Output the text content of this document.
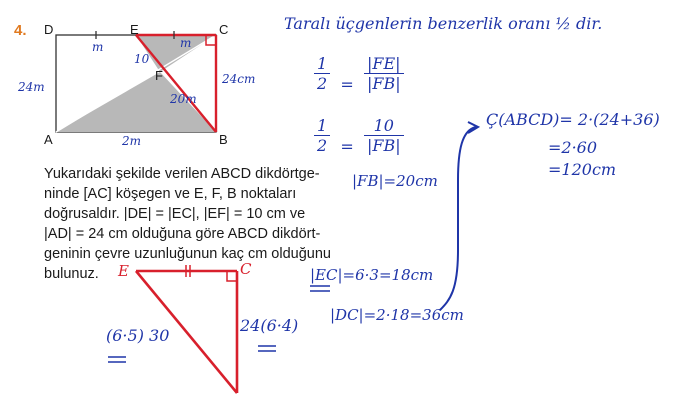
4. D	E	C
F
A	B
m	m
10
20m
24m
24cm
2m
Yukarıdaki şekilde verilen ABCD dikdörtge-
ninde [AC] köşegen ve E, F, B noktaları
doğrusaldır. |DE| = |EC|, |EF| = 10 cm ve
|AD| = 24 cm olduğuna göre ABCD dikdört-
geninin çevre uzunluğunun kaç cm olduğunu
bulunuz.
Taralı üçgenlerin benzerlik oranı ½ dir.
$\frac{1}{2} = \frac{|FE|}{|FB|}$
$\frac{1}{2} = \frac{10}{|FB|}$
|FB|=20cm
|EC|=6·3=18cm
|DC|=2·18=36cm
Ç(ABCD)= 2·(24+36)
=2·60
=120cm
E	C
(6·5) 30
24(6·4)
